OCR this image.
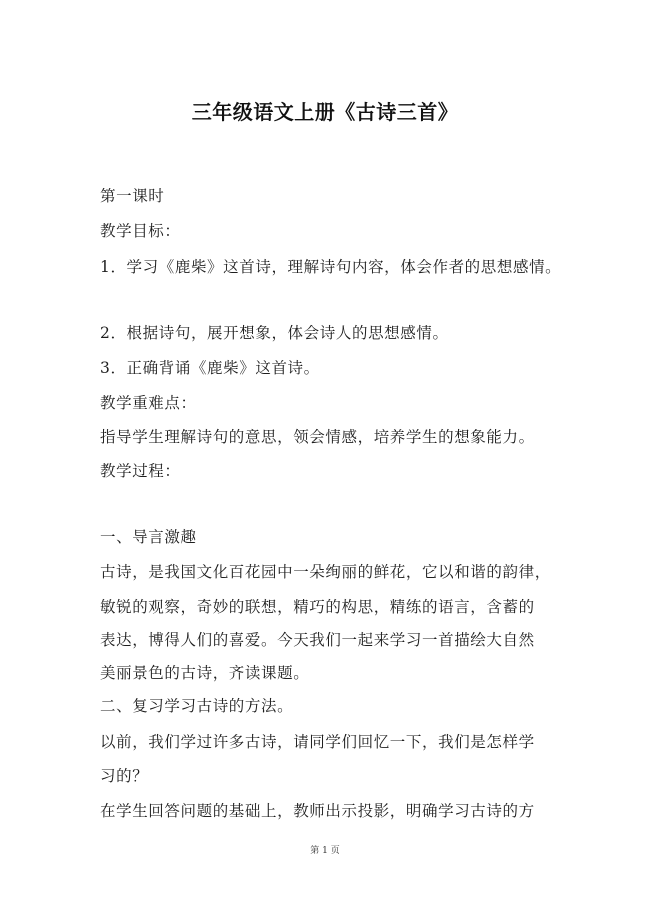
三年级语文上册《古诗三首》
第一课时
教学目标：
1．学习《鹿柴》这首诗，理解诗句内容，体会作者的思想感情。
2．根据诗句，展开想象，体会诗人的思想感情。
3．正确背诵《鹿柴》这首诗。
教学重难点：
指导学生理解诗句的意思，领会情感，培养学生的想象能力。
教学过程：
一、导言激趣
古诗，是我国文化百花园中一朵绚丽的鲜花，它以和谐的韵律，
敏锐的观察，奇妙的联想，精巧的构思，精练的语言，含蓄的
表达，博得人们的喜爱。今天我们一起来学习一首描绘大自然
美丽景色的古诗，齐读课题。
二、复习学习古诗的方法。
以前，我们学过许多古诗，请同学们回忆一下，我们是怎样学
习的？
在学生回答问题的基础上，教师出示投影，明确学习古诗的方
第 1 页
